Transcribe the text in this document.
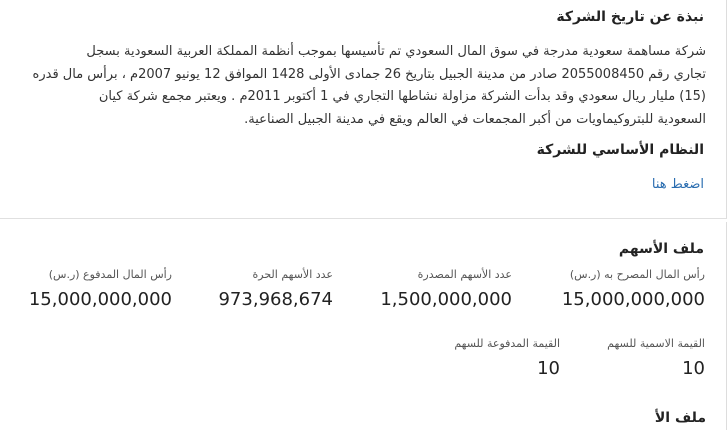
نبذة عن تاريخ الشركة
شركة مساهمة سعودية مدرجة في سوق المال السعودي تم تأسيسها بموجب أنظمة المملكة العربية السعودية بسجل
تجاري رقم 2055008450 صادر من مدينة الجبيل بتاريخ 26 جمادى الأولى 1428 الموافق 12 يونيو 2007م ، برأس مال قدره
(15) مليار ريال سعودي وقد بدأت الشركة مزاولة نشاطها التجاري في 1 أكتوبر 2011م . ويعتبر مجمع شركة كيان
السعودية للبتروكيماويات من أكبر المجمعات في العالم ويقع في مدينة الجبيل الصناعية.
النظام الأساسي للشركة
اضغط هنا
ملف الأسهم
رأس المال المصرح به (ر.س)
15,000,000,000
عدد الأسهم المصدرة
1,500,000,000
عدد الأسهم الحرة
973,968,674
رأس المال المدفوع (ر.س)
15,000,000,000
القيمة الاسمية للسهم
10
القيمة المدفوعة للسهم
10
ملف الأ
